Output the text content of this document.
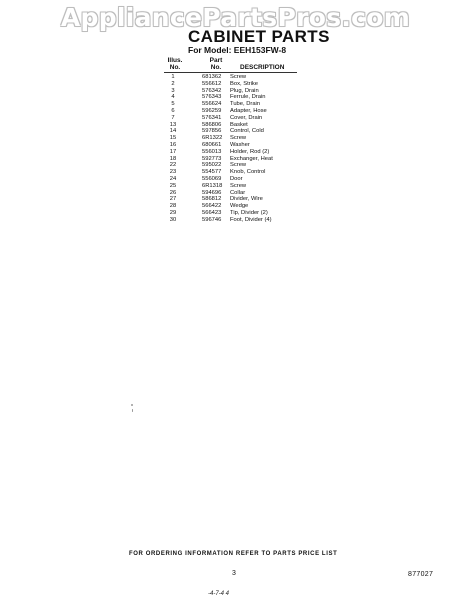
AppliancePartsPros.com
CABINET PARTS

For Model: EEH153FW-8

Illus.
No.
Part
No.	DESCRIPTION
1	681362 Screw
2	556612 Box, Strike
3	576342 Plug, Drain
4	576343 Ferrule, Drain
5	556624 Tube, Drain
6	596259 Adapter, Hose
7	576341 Cover, Drain
13	586806 Basket
14	597856 Control, Cold
15	6R1322 Screw
16	680661 Washer
17	556013 Holder, Rod (2)
18	592773 Exchanger, Heat
22	595022 Screw
23	554577 Knob, Control
24	556069 Door
25	6R1318 Screw
26	594696 Collar
27	586812 Divider, Wire
28	566422 Wedge
29	566423 Tip, Divider (2)
30	596746 Foot, Divider (4)

FOR ORDERING INFORMATION REFER TO PARTS PRICE LIST

3	877027
-4-7-4 4
